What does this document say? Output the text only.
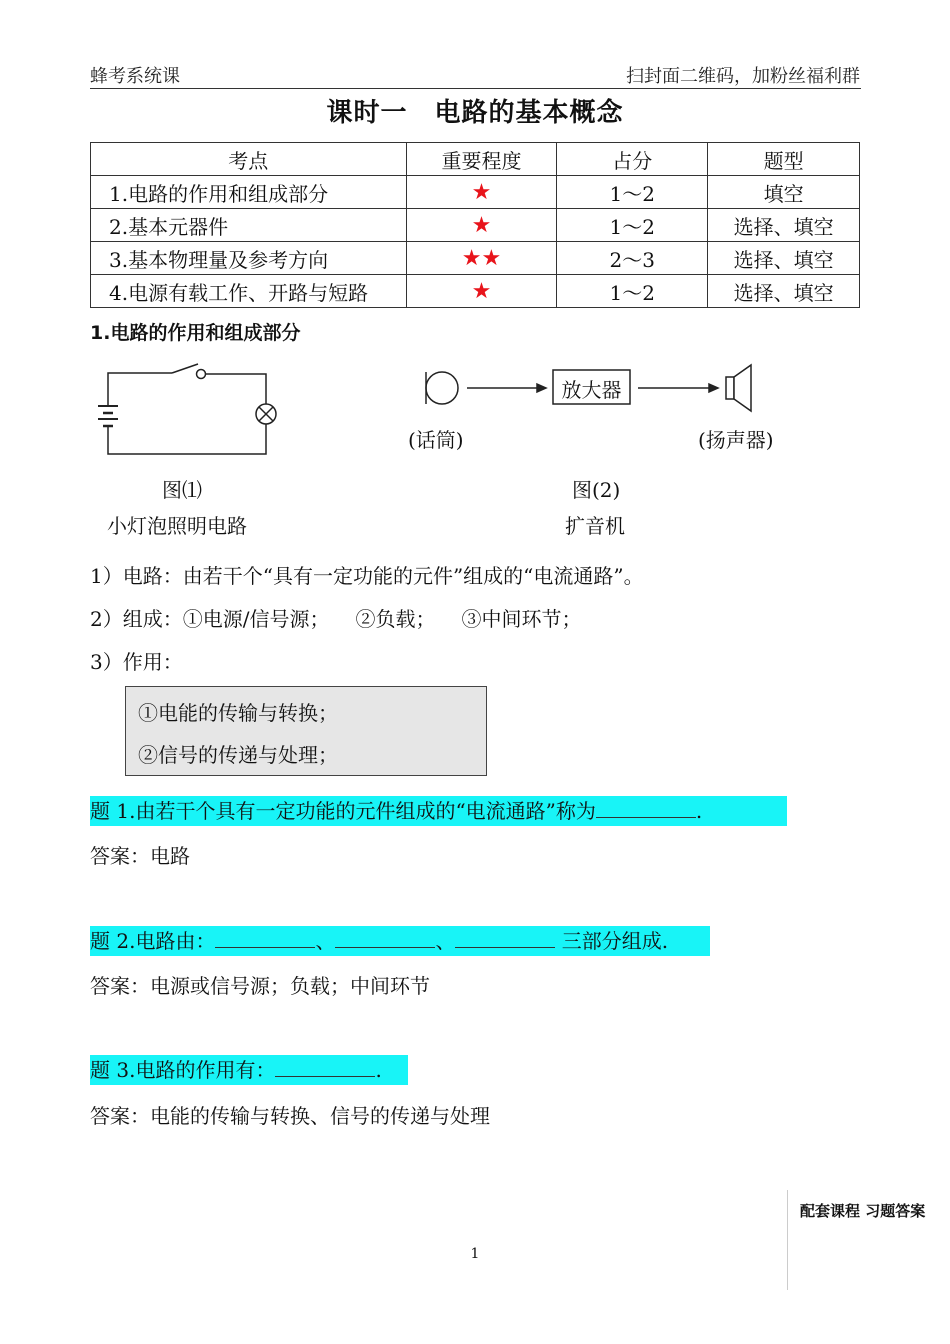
蜂考系统课	扫封面二维码，加粉丝福利群
课时一　电路的基本概念
考点	重要程度	占分	题型
1.电路的作用和组成部分	★	1～2	填空
2.基本元器件	★	1～2	选择、填空
3.基本物理量及参考方向	★★	2～3	选择、填空
4.电源有载工作、开路与短路	★	1～2	选择、填空
1.电路的作用和组成部分
放大器
(话筒)	(扬声器)
图⑴
小灯泡照明电路
图(2)
扩音机
1）电路：由若干个“具有一定功能的元件”组成的“电流通路”。
2）组成：①电源/信号源； ②负载； ③中间环节；
3）作用：
①电能的传输与转换；
②信号的传递与处理；
题 1.由若干个具有一定功能的元件组成的“电流通路”称为	.
答案：电路
题 2.电路由：	、	、	三部分组成.
答案：电源或信号源；负载；中间环节
题 3.电路的作用有：	.
答案：电能的传输与转换、信号的传递与处理
配套课程 习题答案
1
